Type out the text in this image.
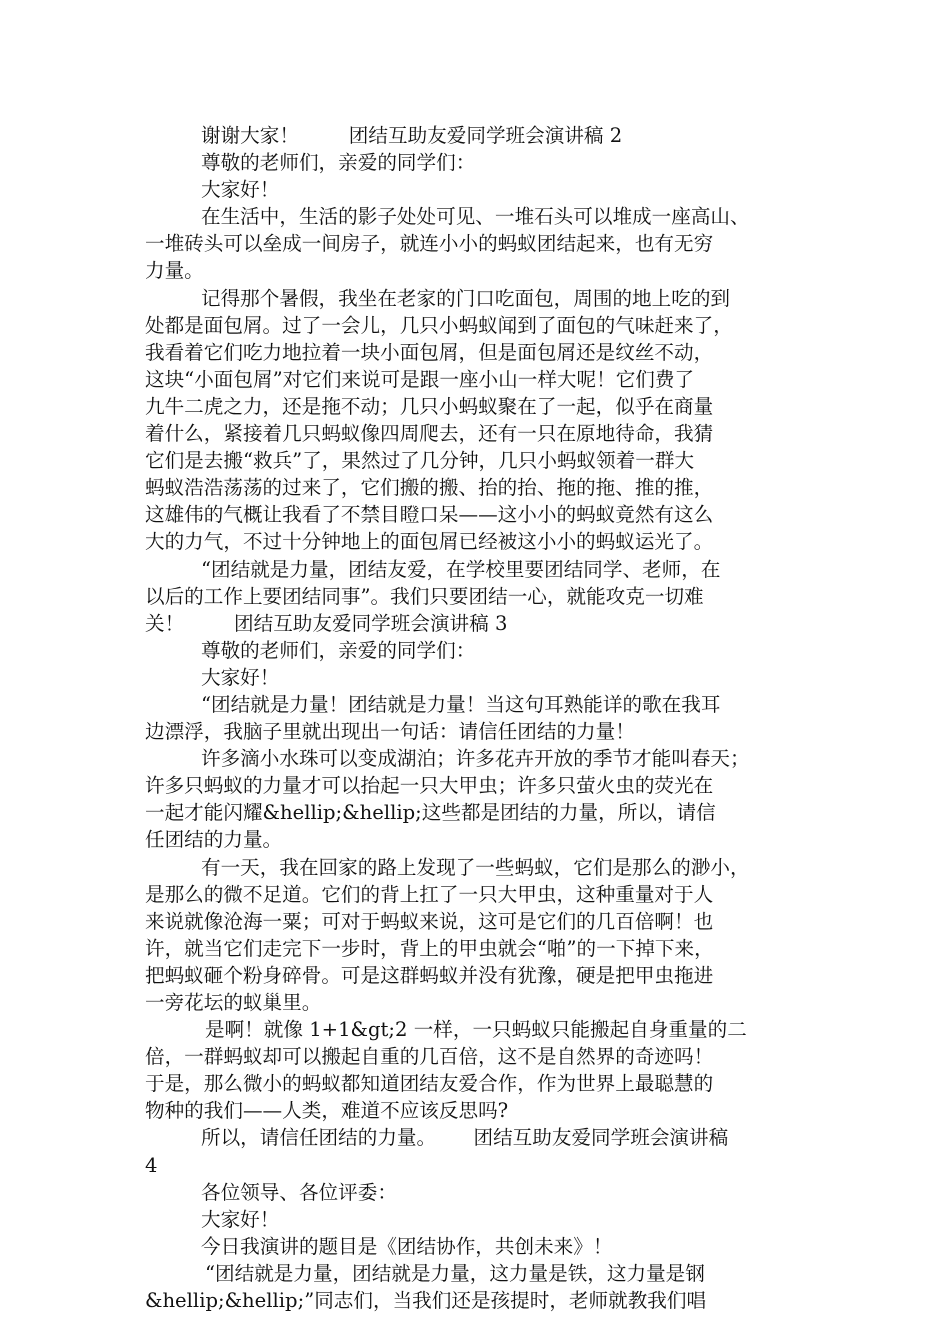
谢谢大家！        团结互助友爱同学班会演讲稿 2
尊敬的老师们，亲爱的同学们：
大家好！
在生活中，生活的影子处处可见、一堆石头可以堆成一座高山、
一堆砖头可以垒成一间房子，就连小小的蚂蚁团结起来，也有无穷
力量。
记得那个暑假，我坐在老家的门口吃面包，周围的地上吃的到
处都是面包屑。过了一会儿，几只小蚂蚁闻到了面包的气味赶来了，
我看着它们吃力地拉着一块小面包屑，但是面包屑还是纹丝不动，
这块“小面包屑”对它们来说可是跟一座小山一样大呢！它们费了
九牛二虎之力，还是拖不动；几只小蚂蚁聚在了一起，似乎在商量
着什么，紧接着几只蚂蚁像四周爬去，还有一只在原地待命，我猜
它们是去搬“救兵”了，果然过了几分钟，几只小蚂蚁领着一群大
蚂蚁浩浩荡荡的过来了，它们搬的搬、抬的抬、拖的拖、推的推，
这雄伟的气概让我看了不禁目瞪口呆——这小小的蚂蚁竟然有这么
大的力气，不过十分钟地上的面包屑已经被这小小的蚂蚁运光了。
“团结就是力量，团结友爱，在学校里要团结同学、老师，在
以后的工作上要团结同事”。我们只要团结一心，就能攻克一切难
关！        团结互助友爱同学班会演讲稿 3
尊敬的老师们，亲爱的同学们：
大家好！
“团结就是力量！团结就是力量！当这句耳熟能详的歌在我耳
边漂浮，我脑子里就出现出一句话：请信任团结的力量！
许多滴小水珠可以变成湖泊；许多花卉开放的季节才能叫春天；
许多只蚂蚁的力量才可以抬起一只大甲虫；许多只萤火虫的荧光在
一起才能闪耀&hellip;&hellip;这些都是团结的力量，所以，请信
任团结的力量。
有一天，我在回家的路上发现了一些蚂蚁，它们是那么的渺小，
是那么的微不足道。它们的背上扛了一只大甲虫，这种重量对于人
来说就像沧海一粟；可对于蚂蚁来说，这可是它们的几百倍啊！也
许，就当它们走完下一步时，背上的甲虫就会“啪”的一下掉下来，
把蚂蚁砸个粉身碎骨。可是这群蚂蚁并没有犹豫，硬是把甲虫拖进
一旁花坛的蚁巢里。
是啊！就像 1+1&gt;2 一样，一只蚂蚁只能搬起自身重量的二
倍，一群蚂蚁却可以搬起自重的几百倍，这不是自然界的奇迹吗！
于是，那么微小的蚂蚁都知道团结友爱合作，作为世界上最聪慧的
物种的我们——人类，难道不应该反思吗?
所以，请信任团结的力量。      团结互助友爱同学班会演讲稿
4
各位领导、各位评委：
大家好！
今日我演讲的题目是《团结协作，共创未来》！
“团结就是力量，团结就是力量，这力量是铁，这力量是钢
&hellip;&hellip;”同志们，当我们还是孩提时，老师就教我们唱
